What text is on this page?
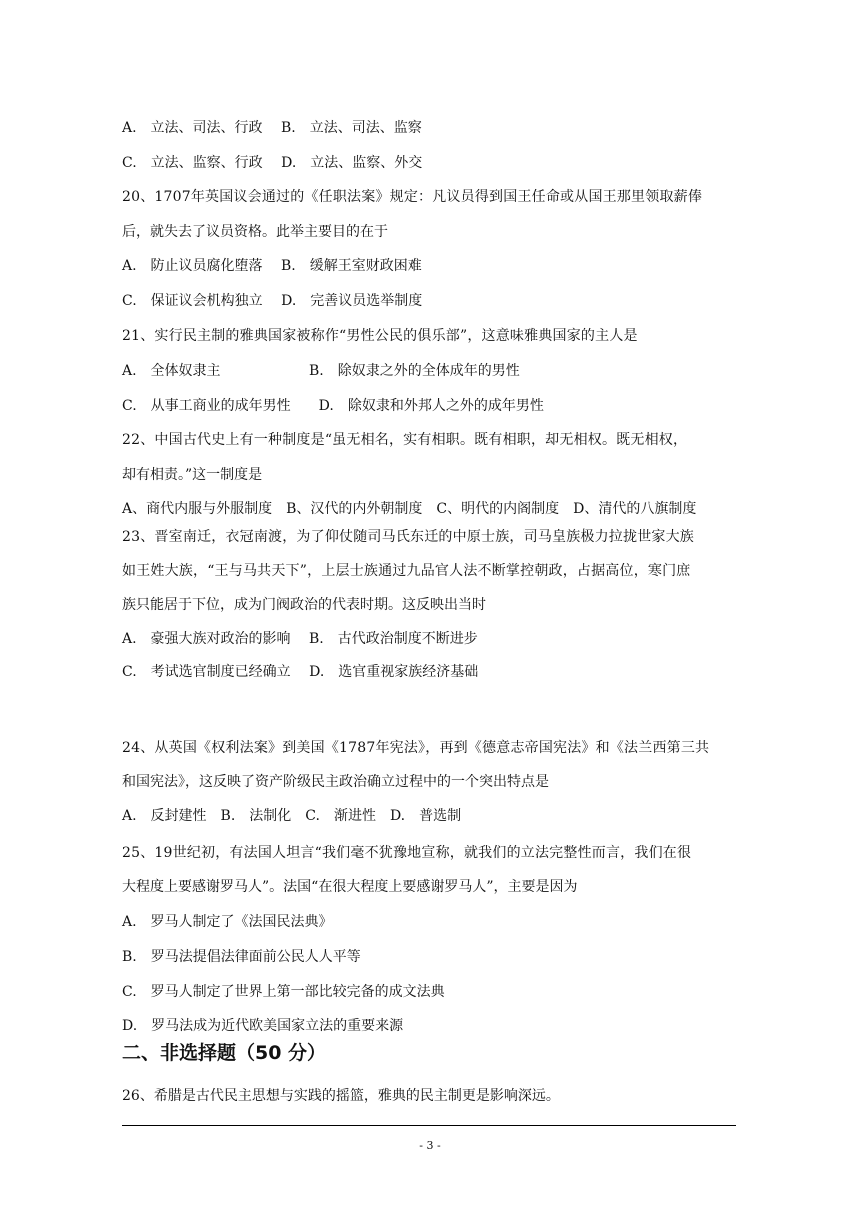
A.　立法、司法、行政　 B.　立法、司法、监察
C.　立法、监察、行政　 D.　立法、监察、外交
20、1707年英国议会通过的《任职法案》规定：凡议员得到国王任命或从国王那里领取薪俸
后，就失去了议员资格。此举主要目的在于
A.　防止议员腐化堕落　 B.　缓解王室财政困难
C.　保证议会机构独立　 D.　完善议员选举制度
21、实行民主制的雅典国家被称作“男性公民的俱乐部”，这意味雅典国家的主人是
A.　全体奴隶主　　　　　　 B.　除奴隶之外的全体成年的男性
C.　从事工商业的成年男性　　D.　除奴隶和外邦人之外的成年男性
22、中国古代史上有一种制度是“虽无相名，实有相职。既有相职，却无相权。既无相权，
却有相责。”这一制度是
A、商代内服与外服制度　B、汉代的内外朝制度　C、明代的内阁制度　D、清代的八旗制度
23、晋室南迁，衣冠南渡，为了仰仗随司马氏东迁的中原士族，司马皇族极力拉拢世家大族
如王姓大族，“王与马共天下”，上层士族通过九品官人法不断掌控朝政，占据高位，寒门庶
族只能居于下位，成为门阀政治的代表时期。这反映出当时
A.　豪强大族对政治的影响　 B.　古代政治制度不断进步
C.　考试选官制度已经确立　 D.　选官重视家族经济基础
24、从英国《权利法案》到美国《1787年宪法》，再到《德意志帝国宪法》和《法兰西第三共
和国宪法》，这反映了资产阶级民主政治确立过程中的一个突出特点是
A.　反封建性　B.　法制化　C.　渐进性　D.　普选制
25、19世纪初，有法国人坦言“我们毫不犹豫地宣称，就我们的立法完整性而言，我们在很
大程度上要感谢罗马人”。法国“在很大程度上要感谢罗马人”，主要是因为
A.　罗马人制定了《法国民法典》
B.　罗马法提倡法律面前公民人人平等
C.　罗马人制定了世界上第一部比较完备的成文法典
D.　罗马法成为近代欧美国家立法的重要来源
二、非选择题（50 分）
26、希腊是古代民主思想与实践的摇篮，雅典的民主制更是影响深远。
- 3 -
